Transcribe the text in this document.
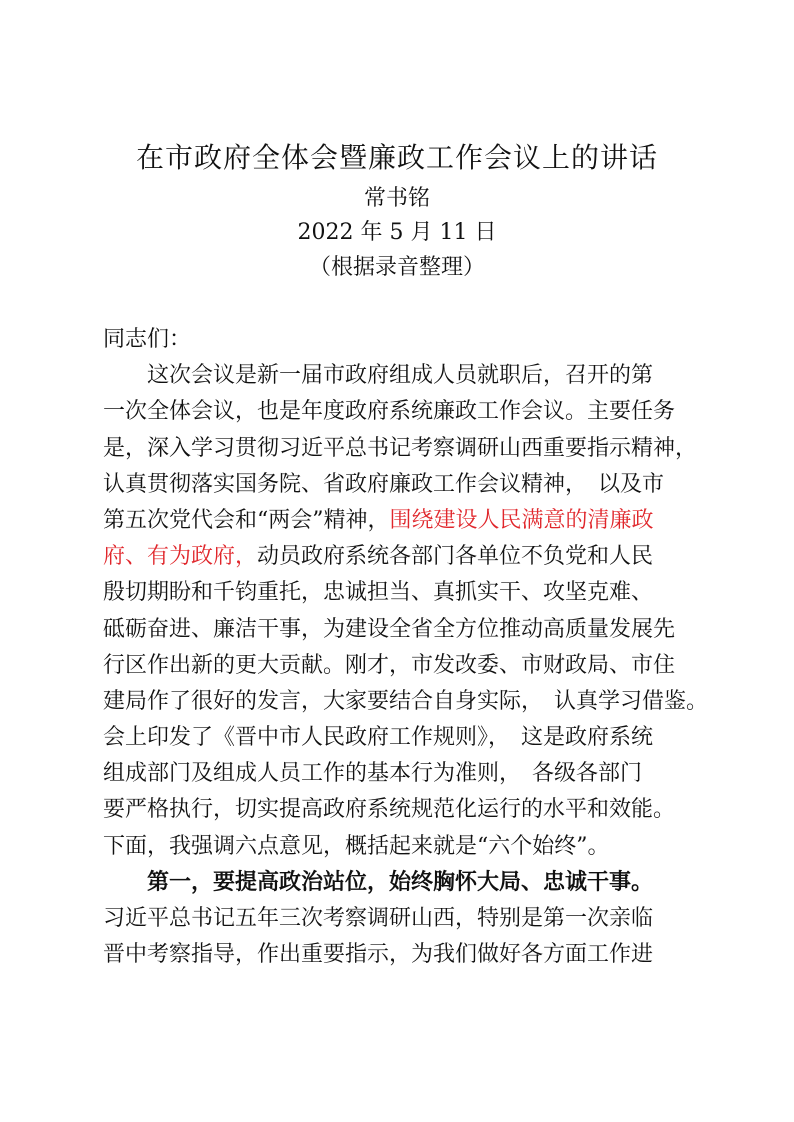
在市政府全体会暨廉政工作会议上的讲话
常书铭
2022 年 5 月 11 日
（根据录音整理）
同志们：
这次会议是新一届市政府组成人员就职后，召开的第
一次全体会议，也是年度政府系统廉政工作会议。主要任务
是，深入学习贯彻习近平总书记考察调研山西重要指示精神，
认真贯彻落实国务院、省政府廉政工作会议精神，　以及市
第五次党代会和“两会”精神，围绕建设人民满意的清廉政
府、有为政府，动员政府系统各部门各单位不负党和人民
殷切期盼和千钧重托，忠诚担当、真抓实干、攻坚克难、
砥砺奋进、廉洁干事，为建设全省全方位推动高质量发展先
行区作出新的更大贡献。刚才，市发改委、市财政局、市住
建局作了很好的发言，大家要结合自身实际，　认真学习借鉴。
会上印发了《晋中市人民政府工作规则》，　这是政府系统
组成部门及组成人员工作的基本行为准则，　各级各部门
要严格执行，切实提高政府系统规范化运行的水平和效能。
下面，我强调六点意见，概括起来就是“六个始终”。
第一，要提高政治站位，始终胸怀大局、忠诚干事。
习近平总书记五年三次考察调研山西，特别是第一次亲临
晋中考察指导，作出重要指示，为我们做好各方面工作进
